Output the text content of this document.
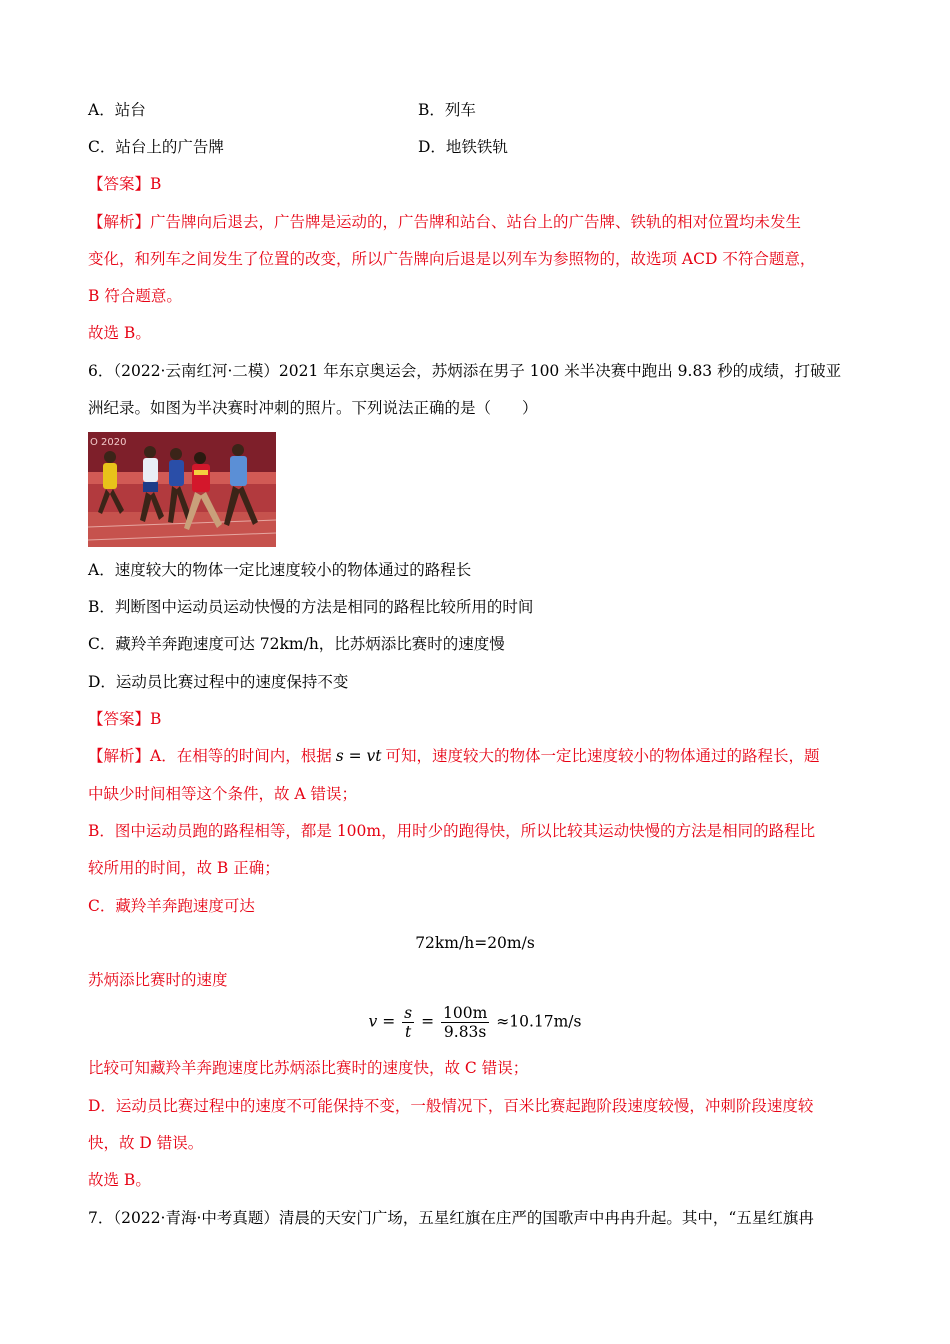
A．站台	B．列车
C．站台上的广告牌	D．地铁铁轨
【答案】B
【解析】广告牌向后退去，广告牌是运动的，广告牌和站台、站台上的广告牌、铁轨的相对位置均未发生
变化，和列车之间发生了位置的改变，所以广告牌向后退是以列车为参照物的，故选项 ACD 不符合题意，
B 符合题意。
故选 B。
6．（2022·云南红河·二模）2021 年东京奥运会，苏炳添在男子 100 米半决赛中跑出 9.83 秒的成绩，打破亚
洲纪录。如图为半决赛时冲刺的照片。下列说法正确的是（　　）
O 2020
A．速度较大的物体一定比速度较小的物体通过的路程长
B．判断图中运动员运动快慢的方法是相同的路程比较所用的时间
C．藏羚羊奔跑速度可达 72km/h，比苏炳添比赛时的速度慢
D．运动员比赛过程中的速度保持不变
【答案】B
【解析】A．在相等的时间内，根据 s = vt 可知，速度较大的物体一定比速度较小的物体通过的路程长，题
中缺少时间相等这个条件，故 A 错误；
B．图中运动员跑的路程相等，都是 100m，用时少的跑得快，所以比较其运动快慢的方法是相同的路程比
较所用的时间，故 B 正确；
C．藏羚羊奔跑速度可达
72km/h=20m/s
苏炳添比赛时的速度
$v = \frac{s}{t} = \frac{100m}{9.83s} \approx 10.17m/s$
比较可知藏羚羊奔跑速度比苏炳添比赛时的速度快，故 C 错误；
D．运动员比赛过程中的速度不可能保持不变，一般情况下，百米比赛起跑阶段速度较慢，冲刺阶段速度较
快，故 D 错误。
故选 B。
7．（2022·青海·中考真题）清晨的天安门广场，五星红旗在庄严的国歌声中冉冉升起。其中，“五星红旗冉
